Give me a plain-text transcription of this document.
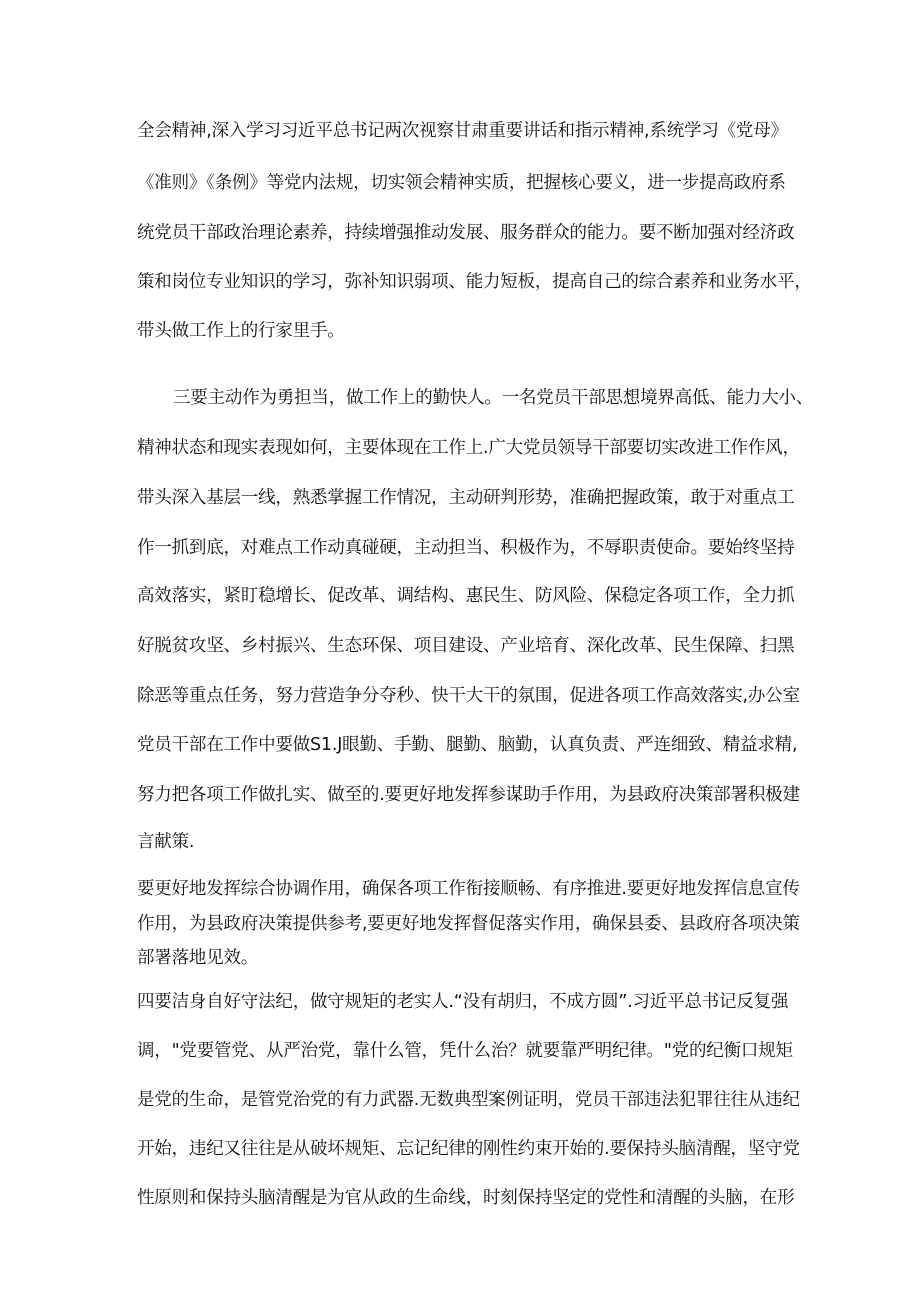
全会精神,深入学习习近平总书记两次视察甘肃重要讲话和指示精神,系统学习《党母》
《准则》《条例》等党内法规，切实领会精神实质，把握核心要义，进一步提高政府系
统党员干部政治理论素养，持续增强推动发展、服务群众的能力。要不断加强对经济政
策和岗位专业知识的学习，弥补知识弱项、能力短板，提高自己的综合素养和业务水平，
带头做工作上的行家里手。
三要主动作为勇担当，做工作上的勤快人。一名党员干部思想境界高低、能力大小、
精神状态和现实表现如何，主要体现在工作上.广大党员领导干部要切实改进工作作风，
带头深入基层一线，熟悉掌握工作情况，主动研判形势，准确把握政策，敢于对重点工
作一抓到底，对难点工作动真碰硬，主动担当、积极作为，不辱职责使命。要始终坚持
高效落实，紧盯稳增长、促改革、调结构、惠民生、防风险、保稳定各项工作，全力抓
好脱贫攻坚、乡村振兴、生态环保、项目建设、产业培育、深化改革、民生保障、扫黑
除恶等重点任务，努力营造争分夺秒、快干大干的氛围，促进各项工作高效落实,办公室
党员干部在工作中要做S1.J眼勤、手勤、腿勤、脑勤，认真负责、严连细致、精益求精,
努力把各项工作做扎实、做至的.要更好地发挥参谋助手作用，为县政府决策部署积极建
言献策.
要更好地发挥综合协调作用，确保各项工作衔接顺畅、有序推进.要更好地发挥信息宣传
作用，为县政府决策提供参考,要更好地发挥督促落实作用，确保县委、县政府各项决策
部署落地见效。
四要洁身自好守法纪，做守规矩的老实人.“没有胡归，不成方圆”.习近平总书记反复强
调，"党要管党、从严治党，靠什么管，凭什么治？就要靠严明纪律。"党的纪衡口规矩
是党的生命，是管党治党的有力武器.无数典型案例证明，党员干部违法犯罪往往从违纪
开始，违纪又往往是从破坏规矩、忘记纪律的刚性约束开始的.要保持头脑清醒，坚守党
性原则和保持头脑清醒是为官从政的生命线，时刻保持坚定的党性和清醒的头脑，在形
